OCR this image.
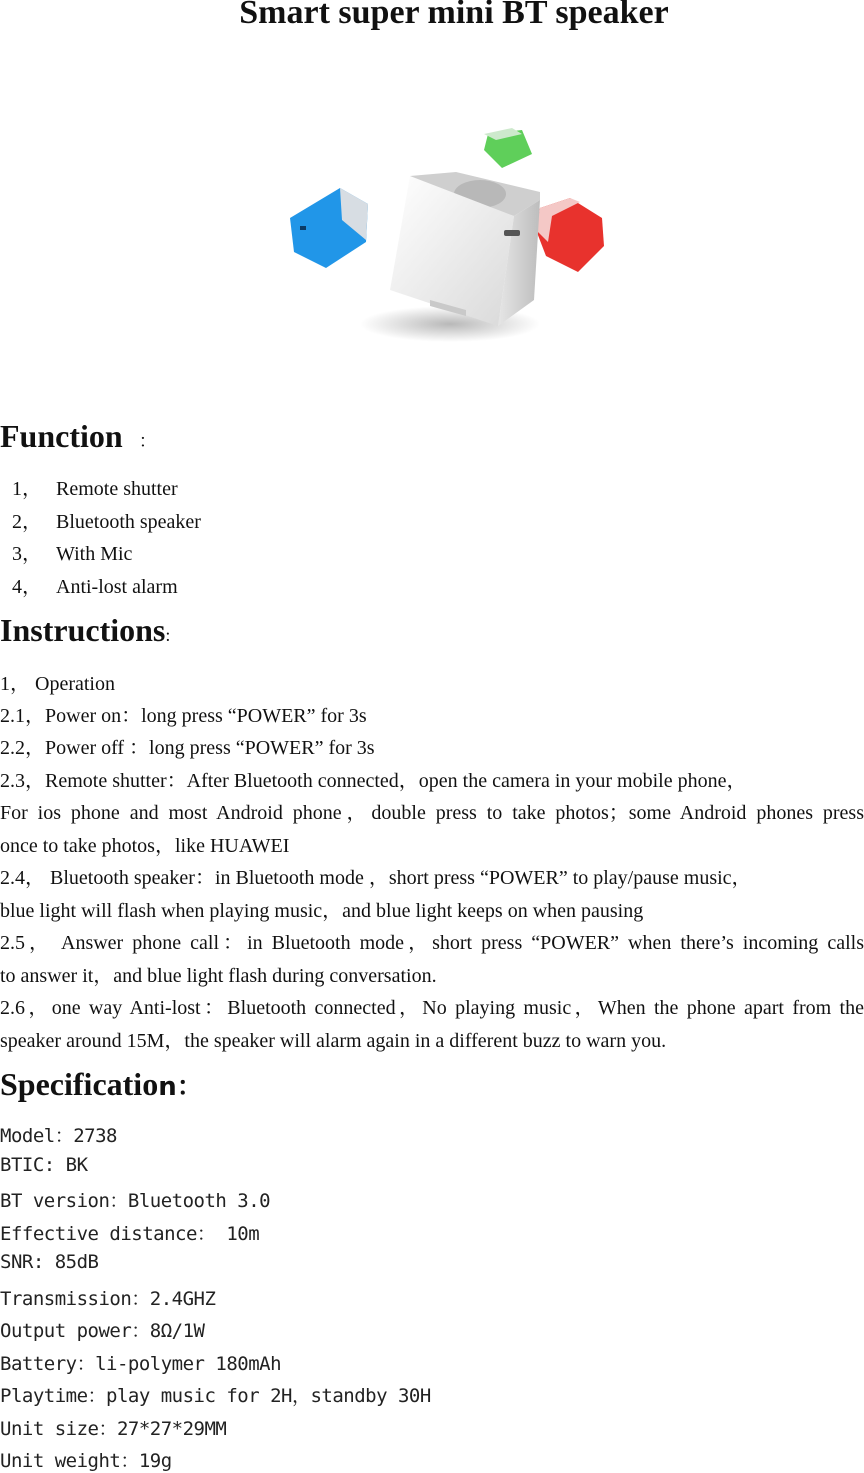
Smart super mini BT speaker
Function ：
1， Remote shutter
2， Bluetooth speaker
3， With Mic
4， Anti-lost alarm
Instructions:
1， Operation
2.1，Power on：long press “POWER” for 3s
2.2，Power off ：long press “POWER” for 3s
2.3，Remote shutter：After Bluetooth connected，open the camera in your mobile phone，
For ios phone and most Android phone，double press to take photos；some Android phones press
once to take photos，like HUAWEI
2.4， Bluetooth speaker：in Bluetooth mode ，short press “POWER” to play/pause music，
blue light will flash when playing music，and blue light keeps on when pausing
2.5， Answer phone call：in Bluetooth mode，short press “POWER” when there’s incoming calls
to answer it，and blue light flash during conversation.
2.6，one way Anti-lost：Bluetooth connected，No playing music，When the phone apart from the
speaker around 15M，the speaker will alarm again in a different buzz to warn you.
Specification：
Model：2738
BTIC: BK
BT version：Bluetooth 3.0
Effective distance： 10m
SNR: 85dB
Transmission：2.4GHZ
Output power：8Ω/1W
Battery：li-polymer 180mAh
Playtime：play music for 2H，standby 30H
Unit size：27*27*29MM
Unit weight：19g
